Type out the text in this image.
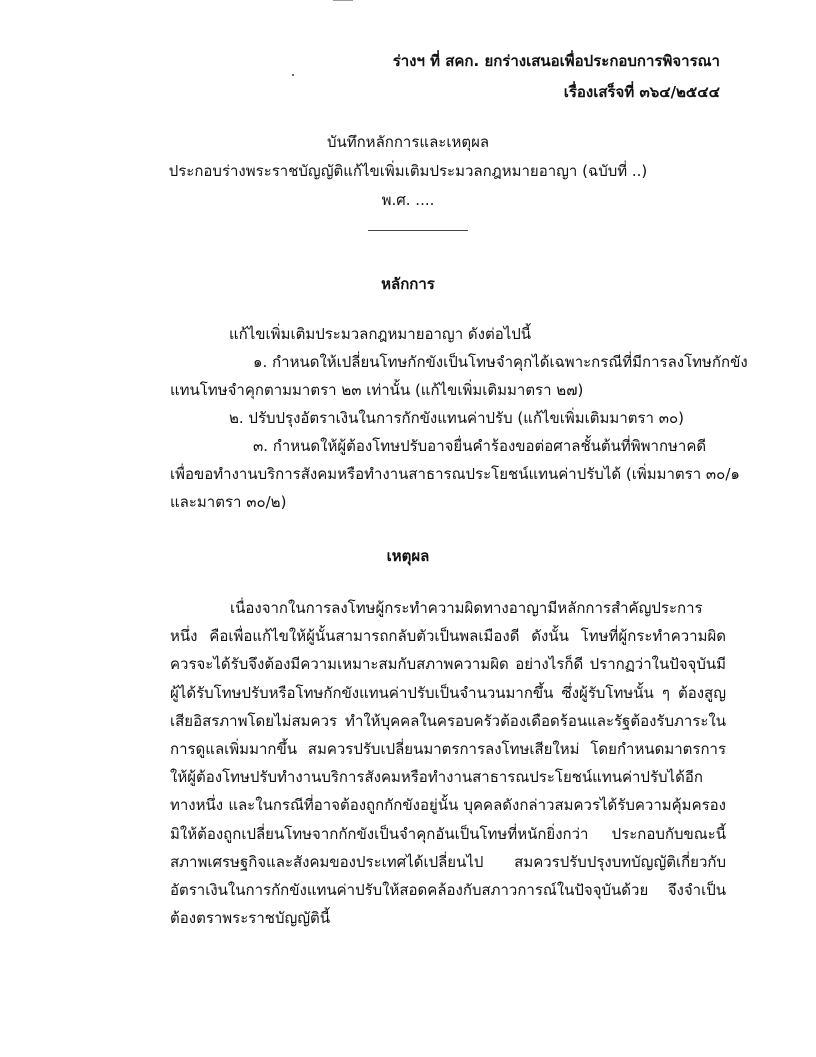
ร่างฯ ที่ สคก. ยกร่างเสนอเพื่อประกอบการพิจารณา
เรื่องเสร็จที่ ๓๖๔/๒๕๔๔
บันทึกหลักการและเหตุผล
ประกอบร่างพระราชบัญญัติแก้ไขเพิ่มเติมประมวลกฎหมายอาญา (ฉบับที่ ..)
พ.ศ. ....
หลักการ
แก้ไขเพิ่มเติมประมวลกฎหมายอาญา ดังต่อไปนี้
๑. กำหนดให้เปลี่ยนโทษกักขังเป็นโทษจำคุกได้เฉพาะกรณีที่มีการลงโทษกักขัง
แทนโทษจำคุกตามมาตรา ๒๓ เท่านั้น (แก้ไขเพิ่มเติมมาตรา ๒๗)
๒. ปรับปรุงอัตราเงินในการกักขังแทนค่าปรับ (แก้ไขเพิ่มเติมมาตรา ๓๐)
๓. กำหนดให้ผู้ต้องโทษปรับอาจยื่นคำร้องขอต่อศาลชั้นต้นที่พิพากษาคดี
เพื่อขอทำงานบริการสังคมหรือทำงานสาธารณประโยชน์แทนค่าปรับได้ (เพิ่มมาตรา ๓๐/๑
และมาตรา ๓๐/๒)
เหตุผล
เนื่องจากในการลงโทษผู้กระทำความผิดทางอาญามีหลักการสำคัญประการหนึ่ง คือเพื่อแก้ไขให้ผู้นั้นสามารถกลับตัวเป็นพลเมืองดี ดังนั้น โทษที่ผู้กระทำความผิดควรจะได้รับจึงต้องมีความเหมาะสมกับสภาพความผิด อย่างไรก็ดี ปรากฏว่าในปัจจุบันมีผู้ได้รับโทษปรับหรือโทษกักขังแทนค่าปรับเป็นจำนวนมากขึ้น ซึ่งผู้รับโทษนั้น ๆ ต้องสูญเสียอิสรภาพโดยไม่สมควร ทำให้บุคคลในครอบครัวต้องเดือดร้อนและรัฐต้องรับภาระในการดูแลเพิ่มมากขึ้น สมควรปรับเปลี่ยนมาตรการลงโทษเสียใหม่ โดยกำหนดมาตรการให้ผู้ต้องโทษปรับทำงานบริการสังคมหรือทำงานสาธารณประโยชน์แทนค่าปรับได้อีกทางหนึ่ง และในกรณีที่อาจต้องถูกกักขังอยู่นั้น บุคคลดังกล่าวสมควรได้รับความคุ้มครองมิให้ต้องถูกเปลี่ยนโทษจากกักขังเป็นจำคุกอันเป็นโทษที่หนักยิ่งกว่า ประกอบกับขณะนี้สภาพเศรษฐกิจและสังคมของประเทศได้เปลี่ยนไป สมควรปรับปรุงบทบัญญัติเกี่ยวกับอัตราเงินในการกักขังแทนค่าปรับให้สอดคล้องกับสภาวการณ์ในปัจจุบันด้วย จึงจำเป็นต้องตราพระราชบัญญัตินี้
